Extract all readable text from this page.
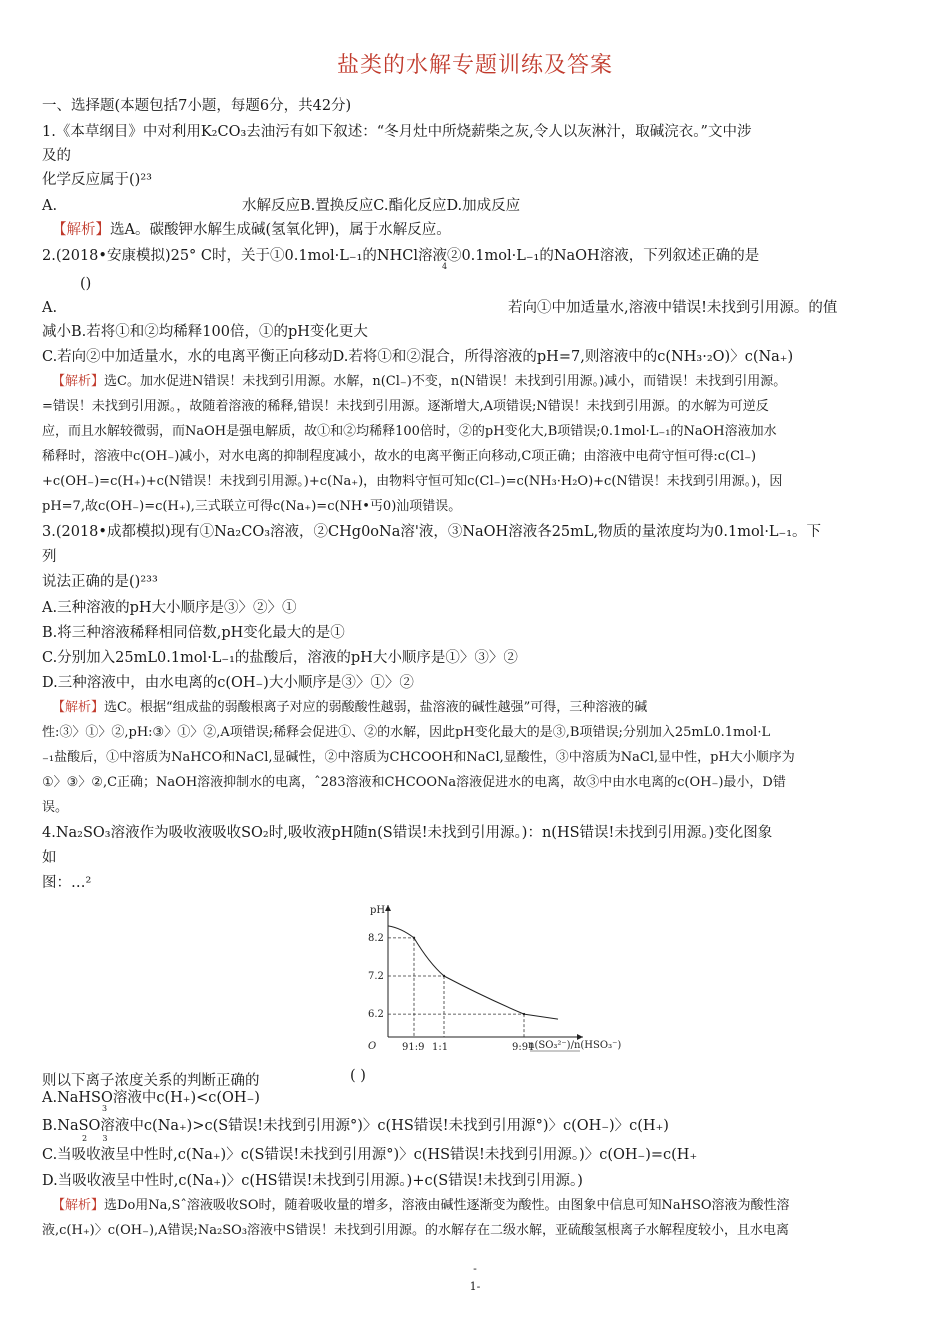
盐类的水解专题训练及答案
一、选择题(本题包括7小题，每题6分，共42分)
1.《本草纲目》中对利用K₂CO₃去油污有如下叙述：“冬月灶中所烧薪柴之灰,令人以灰淋汁，取碱浣衣。”文中涉
及的
化学反应属于()²³
A.	水解反应B.置换反应C.酯化反应D.加成反应
【解析】选A。碳酸钾水解生成碱(氢氧化钾)，属于水解反应。
2.(2018•安康模拟)25° C时，关于①0.1mol·L₋₁的NHCl溶液②0.1mol·L₋₁的NaOH溶液，下列叙述正确的是
4
()
A.	若向①中加适量水,溶液中错误!未找到引用源。的值
减小B.若将①和②均稀释100倍，①的pH变化更大
C.若向②中加适量水，水的电离平衡正向移动D.若将①和②混合，所得溶液的pH=7,则溶液中的c(NH₃·₂O)〉c(Na₊)
【解析】选C。加水促进N错误！未找到引用源。水解，n(Cl₋)不变，n(N错误！未找到引用源。)减小，而错误！未找到引用源。
=错误！未找到引用源。，故随着溶液的稀释,错误！未找到引用源。逐渐增大,A项错误;N错误！未找到引用源。的水解为可逆反
应，而且水解较微弱，而NaOH是强电解质，故①和②均稀释100倍时，②的pH变化大,B项错误;0.1mol·L₋₁的NaOH溶液加水
稀释时，溶液中c(OH₋)减小，对水电离的抑制程度减小，故水的电离平衡正向移动,C项正确；由溶液中电荷守恒可得:c(Cl₋)
+c(OH₋)=c(H₊)+c(N错误！未找到引用源。)+c(Na₊)，由物料守恒可知c(Cl₋)=c(NH₃·H₂O)+c(N错误！未找到引用源。)，因
pH=7,故c(OH₋)=c(H₊),三式联立可得c(Na₊)=c(NH•丐0)汕项错误。
3.(2018•成都模拟)现有①Na₂CO₃溶液，②CHg0oNa溶'液，③NaOH溶液各25mL,物质的量浓度均为0.1mol·L₋₁。下
列
说法正确的是()²³³
A.三种溶液的pH大小顺序是③〉②〉①
B.将三种溶液稀释相同倍数,pH变化最大的是①
C.分别加入25mL0.1mol·L₋₁的盐酸后，溶液的pH大小顺序是①〉③〉②
D.三种溶液中，由水电离的c(OH₋)大小顺序是③〉①〉②
【解析】选C。根据“组成盐的弱酸根离子对应的弱酸酸性越弱，盐溶液的碱性越强”可得，三种溶液的碱
性:③〉①〉②,pH:③〉①〉②,A项错误;稀释会促进①、②的水解，因此pH变化最大的是③,B项错误;分别加入25mL0.1mol·L
₋₁盐酸后，①中溶质为NaHCO和NaCl,显碱性，②中溶质为CHCOOH和NaCl,显酸性，③中溶质为NaCl,显中性，pH大小顺序为
①〉③〉②,C正确；NaOH溶液抑制水的电离，ˆ283溶液和CHCOONa溶液促进水的电离，故③中由水电离的c(OH₋)最小，D错
误。
4.Na₂SO₃溶液作为吸收液吸收SO₂时,吸收液pH随n(S错误!未找到引用源。)：n(HS错误!未找到引用源。)变化图象
如
图：…²
pH
O
8.2
7.2
6.2
91:9 1:1	9:91
n(SO₃²⁻)/n(HSO₃⁻)
则以下离子浓度关系的判断正确的	( )
A.NaHSO溶液中c(H₊)<c(OH₋)
3
B.NaSO溶液中c(Na₊)>c(S错误!未找到引用源°)〉c(HS错误!未找到引用源°)〉c(OH₋)〉c(H₊)
2      3
C.当吸收液呈中性时,c(Na₊)〉c(S错误!未找到引用源°)〉c(HS错误!未找到引用源。)〉c(OH₋)=c(H₊
D.当吸收液呈中性时,c(Na₊)〉c(HS错误!未找到引用源。)+c(S错误!未找到引用源。)
【解析】选Do用Na,Sˆ溶液吸收SO时，随着吸收量的增多，溶液由碱性逐渐变为酸性。由图象中信息可知NaHSO溶液为酸性溶
液,c(H₊)〉c(OH₋),A错误;Na₂SO₃溶液中S错误！未找到引用源。的水解存在二级水解，亚硫酸氢根离子水解程度较小，且水电离
-
1-
